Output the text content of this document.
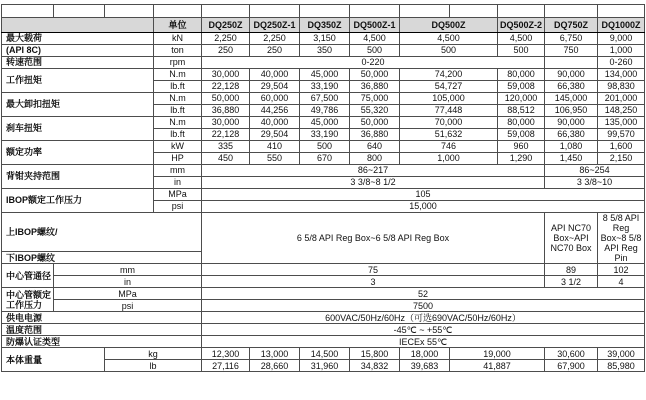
			单位	DQ250Z	DQ250Z-1	DQ350Z	DQ500Z-1	DQ500Z		DQ500Z-2	DQ750Z	DQ1000Z
最大载荷			kN	2,250	2,250	3,150	4,500	4,500		4,500	6,750	9,000
(API 8C)			ton	250	250	350	500	500		500	750	1,000
转速范围			rpm	0-220								0-260
工作扭矩			N.m	30,000	40,000	45,000	50,000	74,200		80,000	90,000	134,000
			lb.ft	22,128	29,504	33,190	36,880	54,727		59,008	66,380	98,830
最大卸扣扭矩			N.m	50,000	60,000	67,500	75,000	105,000		120,000	145,000	201,000
			lb.ft	36,880	44,256	49,786	55,320	77,448		88,512	106,950	148,250
刹车扭矩			N.m	30,000	40,000	45,000	50,000	70,000		80,000	90,000	135,000
			lb.ft	22,128	29,504	33,190	36,880	51,632		59,008	66,380	99,570
额定功率			kW	335	410	500	640	746		960	1,080	1,600
			HP	450	550	670	800	1,000		1,290	1,450	2,150
背钳夹持范围			mm	86~217							86~254	
			in	3 3/8~8 1/2							3 3/8~10	
IBOP额定工作压力			MPa	105								
			psi	15,000								
上IBOP螺纹/				6 5/8 API Reg Box~6 5/8 API Reg Box							API NC70 Box~API NC70 Box	8 5/8 API Reg Box~8 5/8 API Reg Pin
下IBOP螺纹												
中心管通径	mm			75							89	102
	in			3							3 1/2	4
中心管额定工作压力	MPa			52								
	psi			7500								
供电电源				600VAC/50Hz/60Hz（可选690VAC/50Hz/60Hz）								
温度范围				-45℃ ~ +55℃								
防爆认证类型				IECEx 55℃								
本体重量		kg		12,300	13,000	14,500	15,800	18,000	19,000		30,600	39,000
		lb		27,116	28,660	31,960	34,832	39,683	41,887		67,900	85,980
